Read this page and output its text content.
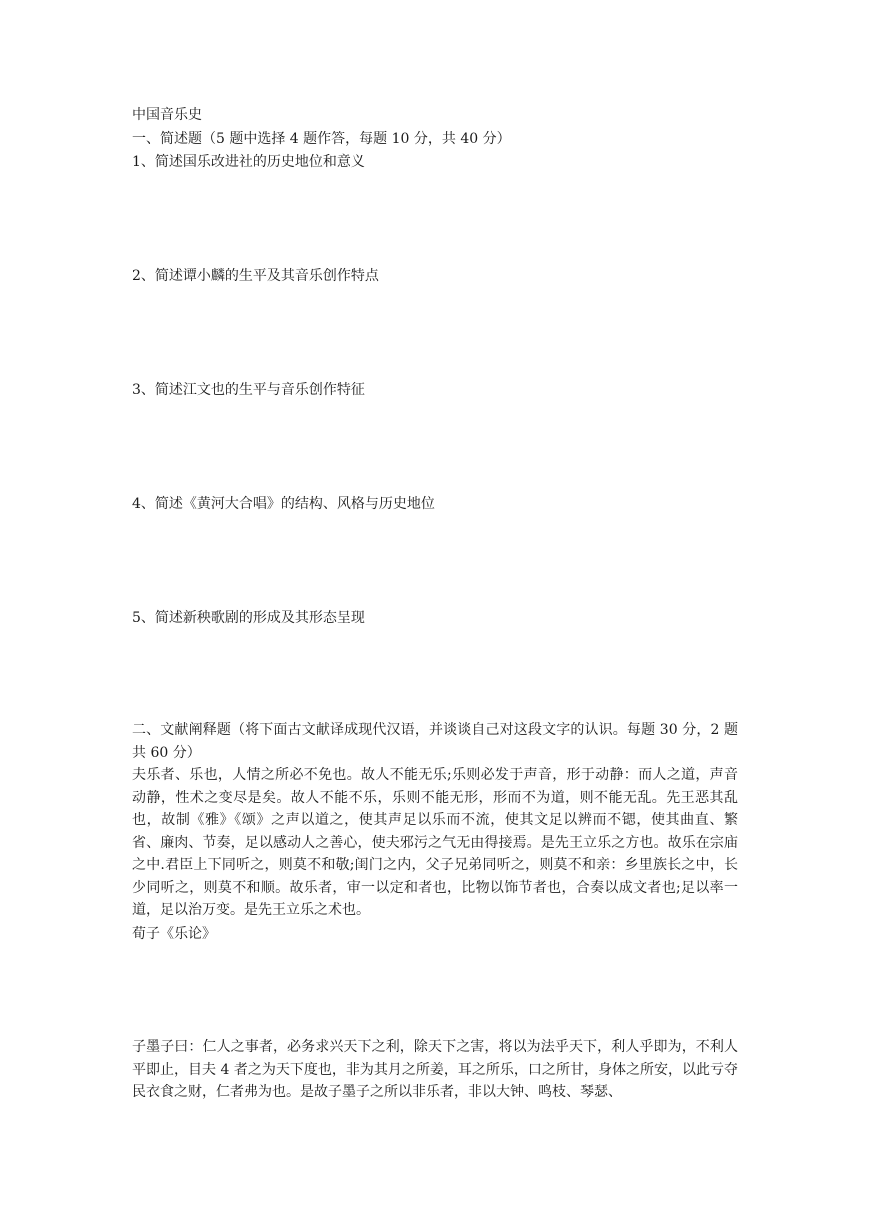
中国音乐史
一、简述题（5 题中选择 4 题作答，每题 10 分，共 40 分）
1、简述国乐改进社的历史地位和意义
2、简述谭小麟的生平及其音乐创作特点
3、简述江文也的生平与音乐创作特征
4、简述《黄河大合唱》的结构、风格与历史地位
5、简述新秧歌剧的形成及其形态呈现
二、文献阐释题（将下面古文献译成现代汉语，并谈谈自己对这段文字的认识。每题 30 分，2 题共 60 分）
夫乐者、乐也，人情之所必不免也。故人不能无乐;乐则必发于声音，形于动静：而人之道，声音动静，性术之变尽是矣。故人不能不乐，乐则不能无形，形而不为道，则不能无乱。先王恶其乱也，故制《雅》《颂》之声以道之，使其声足以乐而不流，使其文足以辨而不锶，使其曲直、繁省、廉肉、节奏，足以感动人之善心，使夫邪污之气无由得接焉。是先王立乐之方也。故乐在宗庙之中.君臣上下同听之，则莫不和敬;闺门之内，父子兄弟同听之，则莫不和亲：乡里族长之中，长少同听之，则莫不和顺。故乐者，审一以定和者也，比物以饰节者也，合奏以成文者也;足以率一道，足以治万变。是先王立乐之术也。
荀子《乐论》
子墨子曰：仁人之事者，必务求兴天下之利，除天下之害，将以为法乎天下，利人乎即为，不利人平即止，目夫 4 者之为天下度也，非为其月之所姜，耳之所乐，口之所甘，身体之所安，以此亏夺民衣食之财，仁者弗为也。是故子墨子之所以非乐者，非以大钟、鸣枝、琴瑟、
